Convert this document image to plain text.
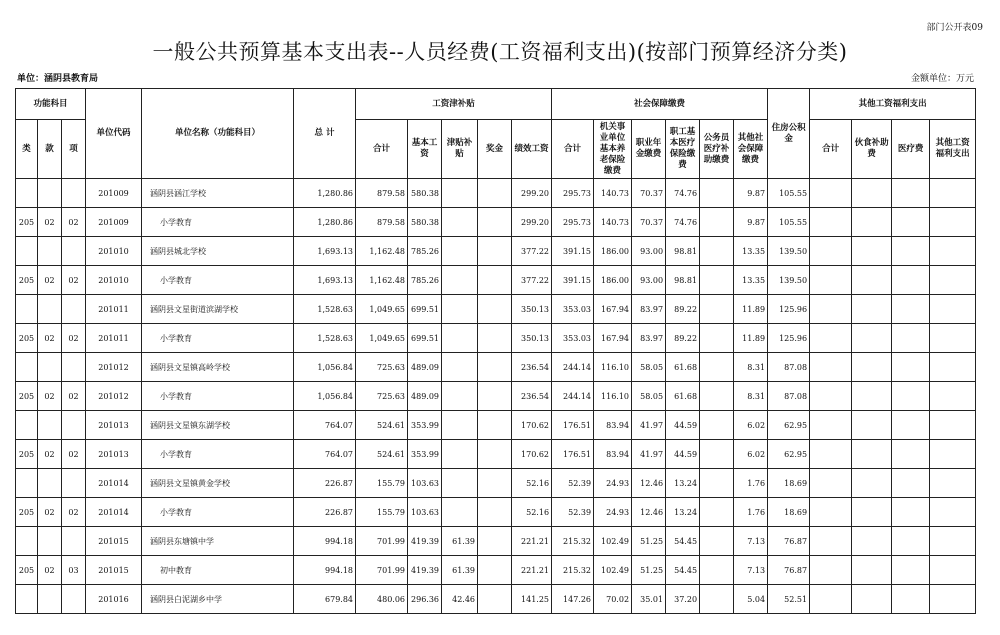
部门公开表09
一般公共预算基本支出表--人员经费(工资福利支出)(按部门预算经济分类)
单位：涵阴县教育局	金额单位：万元
功能科目			单位代码	单位名称（功能科目）	总 计	工资津补贴					社会保障缴费						住房公积金	其他工资福利支出			
类	款	项				合计	基本工资	津贴补贴	奖金	绩效工资	合计	机关事业单位基本养老保险缴费	职业年金缴费	职工基本医疗保险缴费	公务员医疗补助缴费	其他社会保障缴费		合计	伙食补助费	医疗费	其他工资福利支出
			201009	涵阴县涵江学校	1,280.86	879.58	580.38			299.20	295.73	140.73	70.37	74.76		9.87	105.55				
205	02	02	201009	小学教育	1,280.86	879.58	580.38			299.20	295.73	140.73	70.37	74.76		9.87	105.55				
			201010	涵阴县城北学校	1,693.13	1,162.48	785.26			377.22	391.15	186.00	93.00	98.81		13.35	139.50				
205	02	02	201010	小学教育	1,693.13	1,162.48	785.26			377.22	391.15	186.00	93.00	98.81		13.35	139.50				
			201011	涵阴县文星街道滨湖学校	1,528.63	1,049.65	699.51			350.13	353.03	167.94	83.97	89.22		11.89	125.96				
205	02	02	201011	小学教育	1,528.63	1,049.65	699.51			350.13	353.03	167.94	83.97	89.22		11.89	125.96				
			201012	涵阴县文星镇高岭学校	1,056.84	725.63	489.09			236.54	244.14	116.10	58.05	61.68		8.31	87.08				
205	02	02	201012	小学教育	1,056.84	725.63	489.09			236.54	244.14	116.10	58.05	61.68		8.31	87.08				
			201013	涵阴县文星镇东湖学校	764.07	524.61	353.99			170.62	176.51	83.94	41.97	44.59		6.02	62.95				
205	02	02	201013	小学教育	764.07	524.61	353.99			170.62	176.51	83.94	41.97	44.59		6.02	62.95				
			201014	涵阴县文星镇黄金学校	226.87	155.79	103.63			52.16	52.39	24.93	12.46	13.24		1.76	18.69				
205	02	02	201014	小学教育	226.87	155.79	103.63			52.16	52.39	24.93	12.46	13.24		1.76	18.69				
			201015	涵阴县东塘镇中学	994.18	701.99	419.39	61.39		221.21	215.32	102.49	51.25	54.45		7.13	76.87				
205	02	03	201015	初中教育	994.18	701.99	419.39	61.39		221.21	215.32	102.49	51.25	54.45		7.13	76.87				
			201016	涵阴县白泥湖乡中学	679.84	480.06	296.36	42.46		141.25	147.26	70.02	35.01	37.20		5.04	52.51				
